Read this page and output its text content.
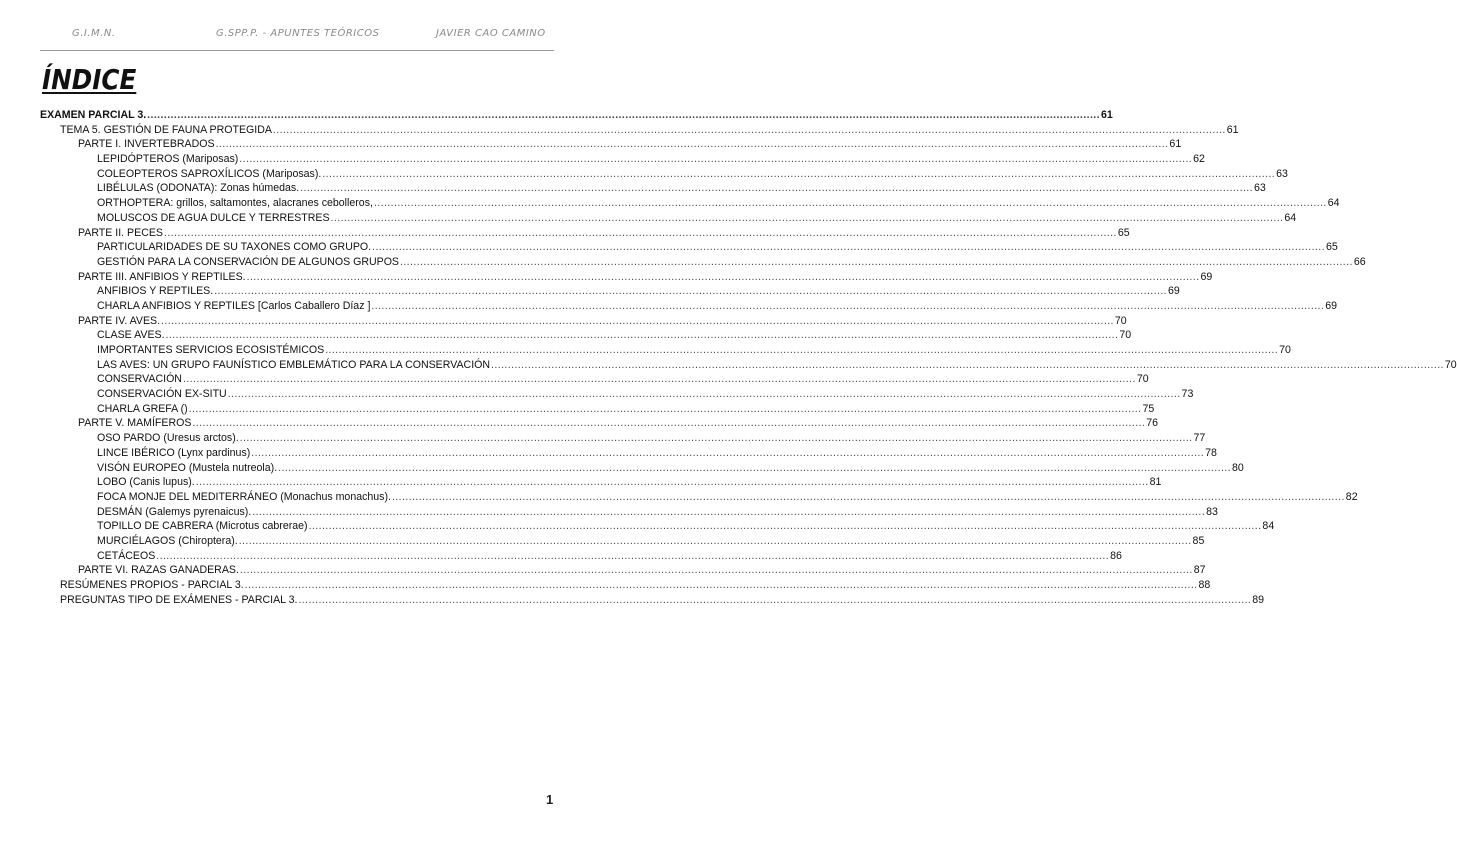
G.I.M.N.	G.SPP.P. - APUNTES TEÓRICOS	JAVIER CAO CAMINO
ÍNDICE
EXAMEN PARCIAL 3. .....	61
TEMA 5. GESTIÓN DE FAUNA PROTEGIDA .....	61
PARTE I. INVERTEBRADOS .....	61
LEPIDÓPTEROS (Mariposas) .....	62
COLEOPTEROS SAPROXÍLICOS (Mariposas). .....	63
LIBÉLULAS (ODONATA): Zonas húmedas. .....	63
ORTHOPTERA: grillos, saltamontes, alacranes cebolleros, .....	64
MOLUSCOS DE AGUA DULCE Y TERRESTRES .....	64
PARTE II. PECES .....	65
PARTICULARIDADES DE SU TAXONES COMO GRUPO. .....	65
GESTIÓN PARA LA CONSERVACIÓN DE ALGUNOS GRUPOS .....	66
PARTE III. ANFIBIOS Y REPTILES. .....	69
ANFIBIOS Y REPTILES. .....	69
CHARLA ANFIBIOS Y REPTILES [Carlos Caballero Díaz ] .....	69
PARTE IV. AVES. .....	70
CLASE AVES. .....	70
IMPORTANTES SERVICIOS ECOSISTÉMICOS .....	70
LAS AVES: UN GRUPO FAUNÍSTICO EMBLEMÁTICO PARA LA CONSERVACIÓN .....	70
CONSERVACIÓN .....	70
CONSERVACIÓN EX-SITU .....	73
CHARLA GREFA () .....	75
PARTE V. MAMÍFEROS .....	76
OSO PARDO (Uresus arctos). .....	77
LINCE IBÉRICO (Lynx pardinus) .....	78
VISÓN EUROPEO (Mustela nutreola). .....	80
LOBO (Canis lupus). .....	81
FOCA MONJE DEL MEDITERRÁNEO (Monachus monachus). .....	82
DESMÁN (Galemys pyrenaicus). .....	83
TOPILLO DE CABRERA (Microtus cabrerae) .....	84
MURCIÉLAGOS (Chiroptera). .....	85
CETÁCEOS .....	86
PARTE VI. RAZAS GANADERAS. .....	87
RESÚMENES PROPIOS - PARCIAL 3. .....	88
PREGUNTAS TIPO DE EXÁMENES - PARCIAL 3. .....	89
1
